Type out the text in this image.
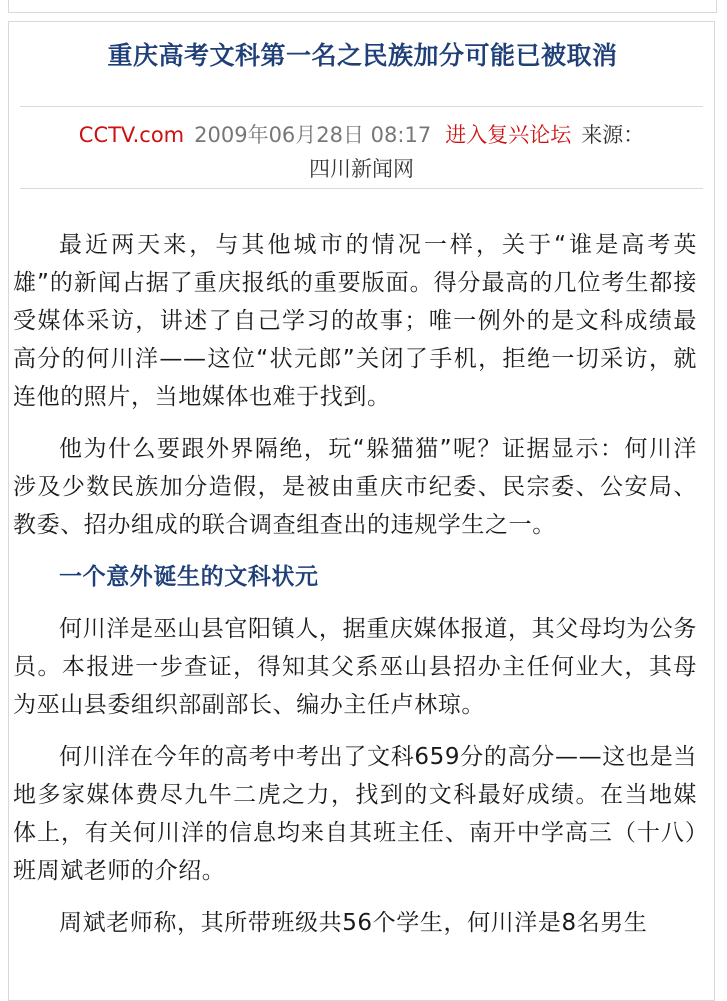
重庆高考文科第一名之民族加分可能已被取消
CCTV.com 2009年06月28日 08:17 进入复兴论坛 来源：
四川新闻网

最近两天来，与其他城市的情况一样，关于“谁是高考英雄”的新闻占据了重庆报纸的重要版面。得分最高的几位考生都接受媒体采访，讲述了自己学习的故事；唯一例外的是文科成绩最高分的何川洋——这位“状元郎”关闭了手机，拒绝一切采访，就连他的照片，当地媒体也难于找到。

他为什么要跟外界隔绝，玩“躲猫猫”呢？证据显示：何川洋涉及少数民族加分造假，是被由重庆市纪委、民宗委、公安局、教委、招办组成的联合调查组查出的违规学生之一。

一个意外诞生的文科状元

何川洋是巫山县官阳镇人，据重庆媒体报道，其父母均为公务员。本报进一步查证，得知其父系巫山县招办主任何业大，其母为巫山县委组织部副部长、编办主任卢林琼。

何川洋在今年的高考中考出了文科659分的高分——这也是当地多家媒体费尽九牛二虎之力，找到的文科最好成绩。在当地媒体上，有关何川洋的信息均来自其班主任、南开中学高三（十八）班周斌老师的介绍。

周斌老师称，其所带班级共56个学生，何川洋是8名男生
